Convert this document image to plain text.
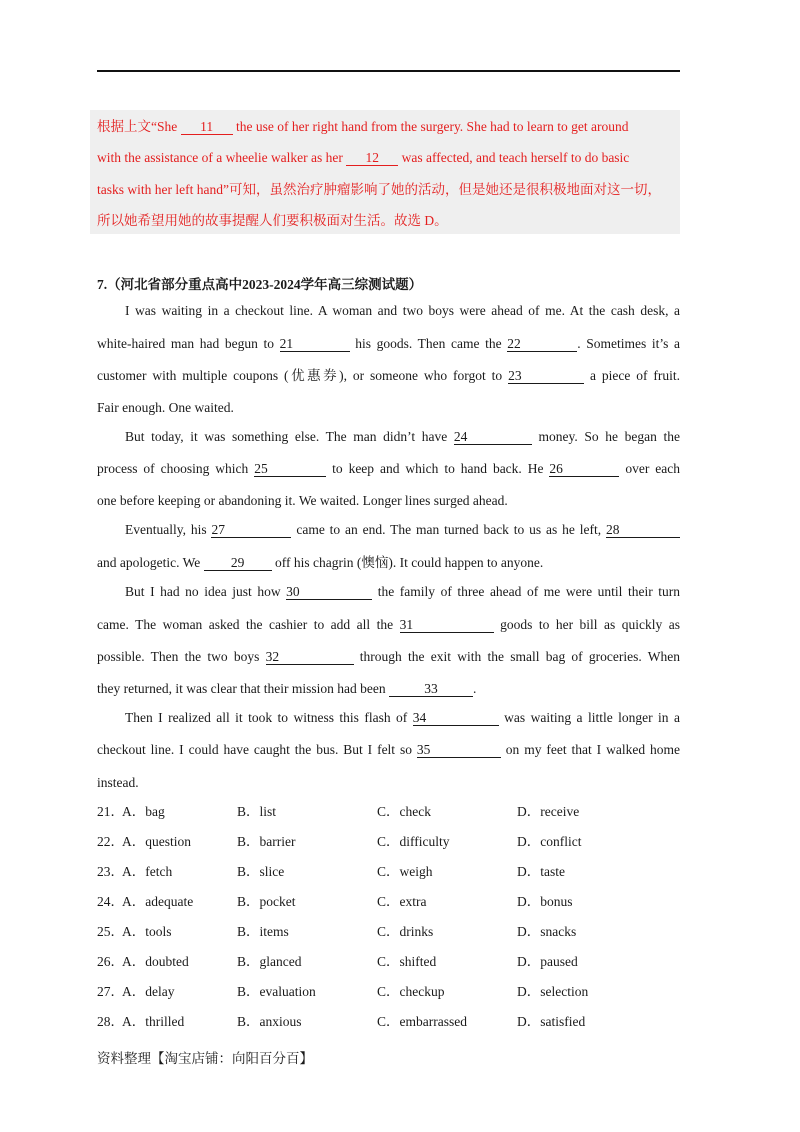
根据上文“She 11 the use of her right hand from the surgery. She had to learn to get around
with the assistance of a wheelie walker as her 12 was affected, and teach herself to do basic
tasks with her left hand”可知，虽然治疗肿瘤影响了她的活动，但是她还是很积极地面对这一切，
所以她希望用她的故事提醒人们要积极面对生活。故选 D。
7.（河北省部分重点高中2023-2024学年高三综测试题）
I was waiting in a checkout line. A woman and two boys were ahead of me. At the cash desk, a
white-haired man had begun to 21	his goods. Then came the 22	. Sometimes it’s a
customer with multiple coupons (优惠券), or someone who forgot to 23	a piece of fruit.
Fair enough. One waited.
But today, it was something else. The man didn’t have 24	money. So he began the
process of choosing which 25	to keep and which to hand back. He 26	over each
one before keeping or abandoning it. We waited. Longer lines surged ahead.
Eventually, his 27	came to an end. The man turned back to us as he left, 28
and apologetic. We 29 off his chagrin (懊恼). It could happen to anyone.
But I had no idea just how 30	the family of three ahead of me were until their turn
came. The woman asked the cashier to add all the 31	goods to her bill as quickly as
possible. Then the two boys 32	through the exit with the small bag of groceries. When
they returned, it was clear that their mission had been	33	.
Then I realized all it took to witness this flash of 34	was waiting a little longer in a
checkout line. I could have caught the bus. But I felt so 35	on my feet that I walked home
instead.
21．
A．bag	B．list	C．check	D．receive
22．
A．question	B．barrier	C．difficulty	D．conflict
23．
A．fetch	B．slice	C．weigh	D．taste
24．
A．adequate	B．pocket	C．extra	D．bonus
25．
A．tools	B．items	C．drinks	D．snacks
26．
A．doubted	B．glanced	C．shifted	D．paused
27．
A．delay	B．evaluation	C．checkup	D．selection
28．
A．thrilled	B．anxious	C．embarrassed	D．satisfied
资料整理【淘宝店铺：向阳百分百】
